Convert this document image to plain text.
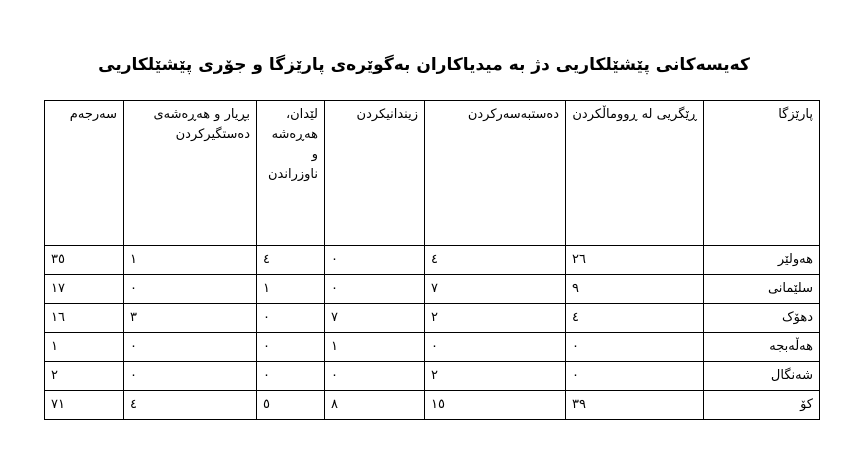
کەیسەکانی پێشێلکاریی دژ بە میدیاکاران بەگوێرەی پارێزگا و جۆری پێشێلکاریی
پارێزگا	ڕێگریی لە ڕووماڵکردن	دەستبەسەرکردن	زیندانیکردن	لێدان، هەڕەشە و ناوزراندن	بڕیار و هەڕەشەی دەستگیرکردن	سەرجەم
هەولێر	٢٦	٤	٠	٤	١	٣٥
سلێمانی	٩	٧	٠	١	٠	١٧
دهۆک	٤	٢	٧	٠	٣	١٦
هەڵەبجە	٠	٠	١	٠	٠	١
شەنگال	٠	٢	٠	٠	٠	٢
کۆ	٣٩	١٥	٨	٥	٤	٧١
